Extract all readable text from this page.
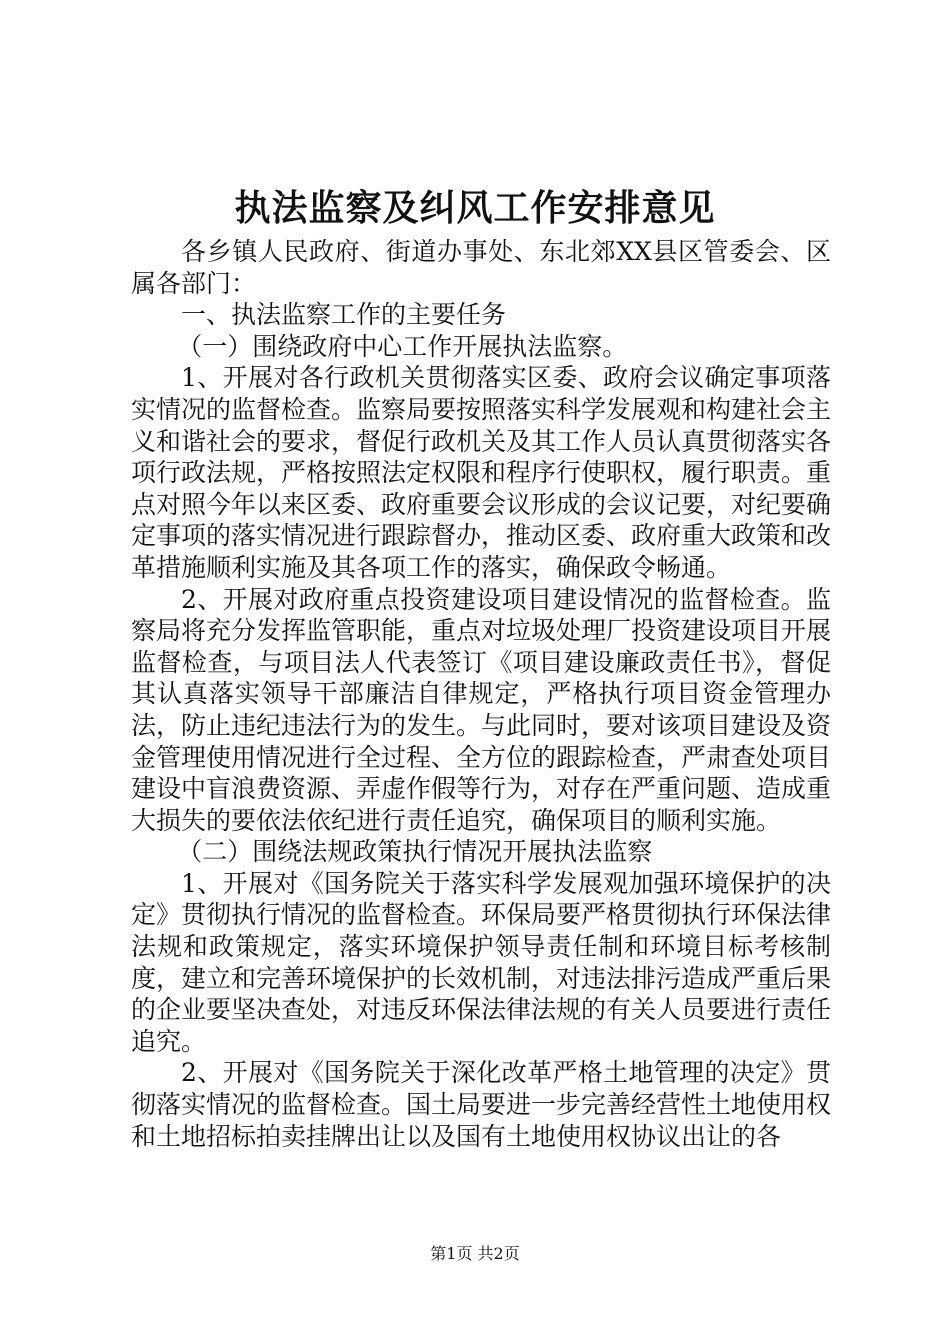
执法监察及纠风工作安排意见

各乡镇人民政府、街道办事处、东北郊XX县区管委会、区属各部门：

一、执法监察工作的主要任务

（一）围绕政府中心工作开展执法监察。

1、开展对各行政机关贯彻落实区委、政府会议确定事项落实情况的监督检查。监察局要按照落实科学发展观和构建社会主义和谐社会的要求，督促行政机关及其工作人员认真贯彻落实各项行政法规，严格按照法定权限和程序行使职权，履行职责。重点对照今年以来区委、政府重要会议形成的会议记要，对纪要确定事项的落实情况进行跟踪督办，推动区委、政府重大政策和改革措施顺利实施及其各项工作的落实，确保政令畅通。

2、开展对政府重点投资建设项目建设情况的监督检查。监察局将充分发挥监管职能，重点对垃圾处理厂投资建设项目开展监督检查，与项目法人代表签订《项目建设廉政责任书》，督促其认真落实领导干部廉洁自律规定，严格执行项目资金管理办法，防止违纪违法行为的发生。与此同时，要对该项目建设及资金管理使用情况进行全过程、全方位的跟踪检查，严肃查处项目建设中盲浪费资源、弄虚作假等行为，对存在严重问题、造成重大损失的要依法依纪进行责任追究，确保项目的顺利实施。

（二）围绕法规政策执行情况开展执法监察

1、开展对《国务院关于落实科学发展观加强环境保护的决定》贯彻执行情况的监督检查。环保局要严格贯彻执行环保法律法规和政策规定，落实环境保护领导责任制和环境目标考核制度，建立和完善环境保护的长效机制，对违法排污造成严重后果的企业要坚决查处，对违反环保法律法规的有关人员要进行责任追究。

2、开展对《国务院关于深化改革严格土地管理的决定》贯彻落实情况的监督检查。国土局要进一步完善经营性土地使用权和土地招标拍卖挂牌出让以及国有土地使用权协议出让的各

第1页 共2页
